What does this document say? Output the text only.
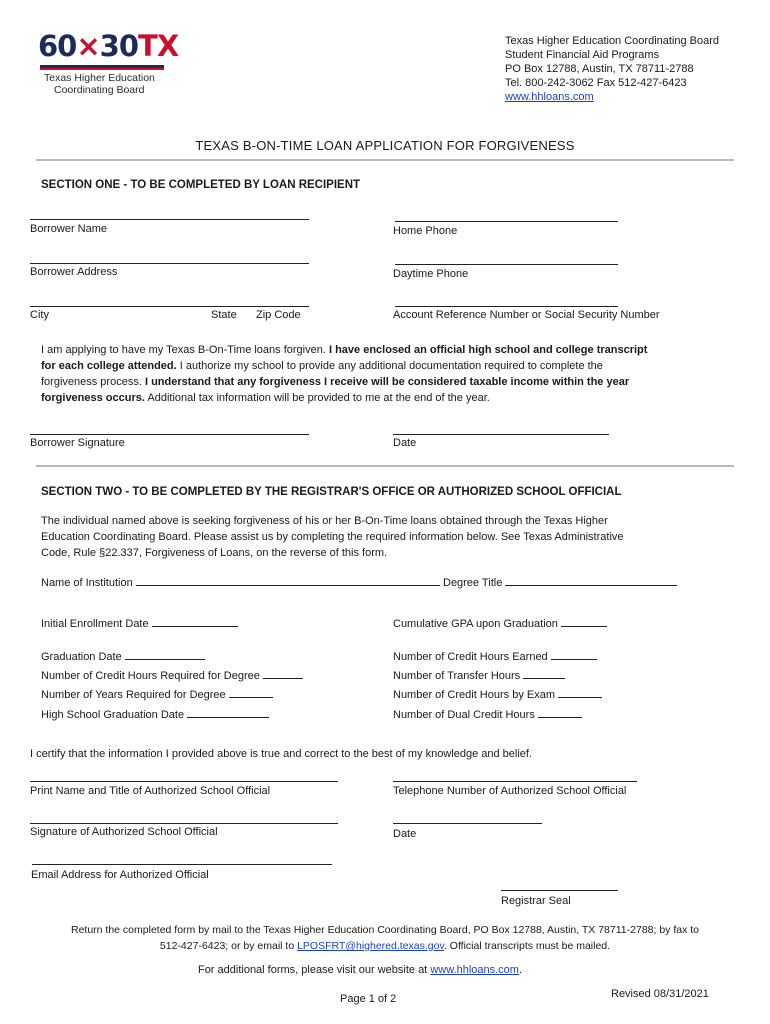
60×30TX
Texas Higher Education
Coordinating Board
Texas Higher Education Coordinating Board
Student Financial Aid Programs
PO Box 12788, Austin, TX 78711-2788
Tel. 800-242-3062 Fax 512-427-6423
www.hhloans.com
TEXAS B-ON-TIME LOAN APPLICATION FOR FORGIVENESS
SECTION ONE - TO BE COMPLETED BY LOAN RECIPIENT
Borrower Name	Home Phone
Borrower Address	Daytime Phone
City	State Zip Code	Account Reference Number or Social Security Number
I am applying to have my Texas B-On-Time loans forgiven. I have enclosed an official high school and college transcript for each college attended. I authorize my school to provide any additional documentation required to complete the forgiveness process. I understand that any forgiveness I receive will be considered taxable income within the year forgiveness occurs. Additional tax information will be provided to me at the end of the year.
Borrower Signature	Date
SECTION TWO - TO BE COMPLETED BY THE REGISTRAR'S OFFICE OR AUTHORIZED SCHOOL OFFICIAL
The individual named above is seeking forgiveness of his or her B-On-Time loans obtained through the Texas Higher Education Coordinating Board. Please assist us by completing the required information below. See Texas Administrative Code, Rule §22.337, Forgiveness of Loans, on the reverse of this form.
Name of Institution	Degree Title
Initial Enrollment Date	Cumulative GPA upon Graduation
Graduation Date	Number of Credit Hours Earned
Number of Credit Hours Required for Degree	Number of Transfer Hours
Number of Years Required for Degree	Number of Credit Hours by Exam
High School Graduation Date	Number of Dual Credit Hours
I certify that the information I provided above is true and correct to the best of my knowledge and belief.
Print Name and Title of Authorized School Official	Telephone Number of Authorized School Official
Signature of Authorized School Official	Date
Email Address for Authorized Official
Registrar Seal
Return the completed form by mail to the Texas Higher Education Coordinating Board, PO Box 12788, Austin, TX 78711-2788; by fax to
512-427-6423; or by email to LPOSFRT@highered.texas.gov. Official transcripts must be mailed.
For additional forms, please visit our website at www.hhloans.com.
Page 1 of 2	Revised 08/31/2021
